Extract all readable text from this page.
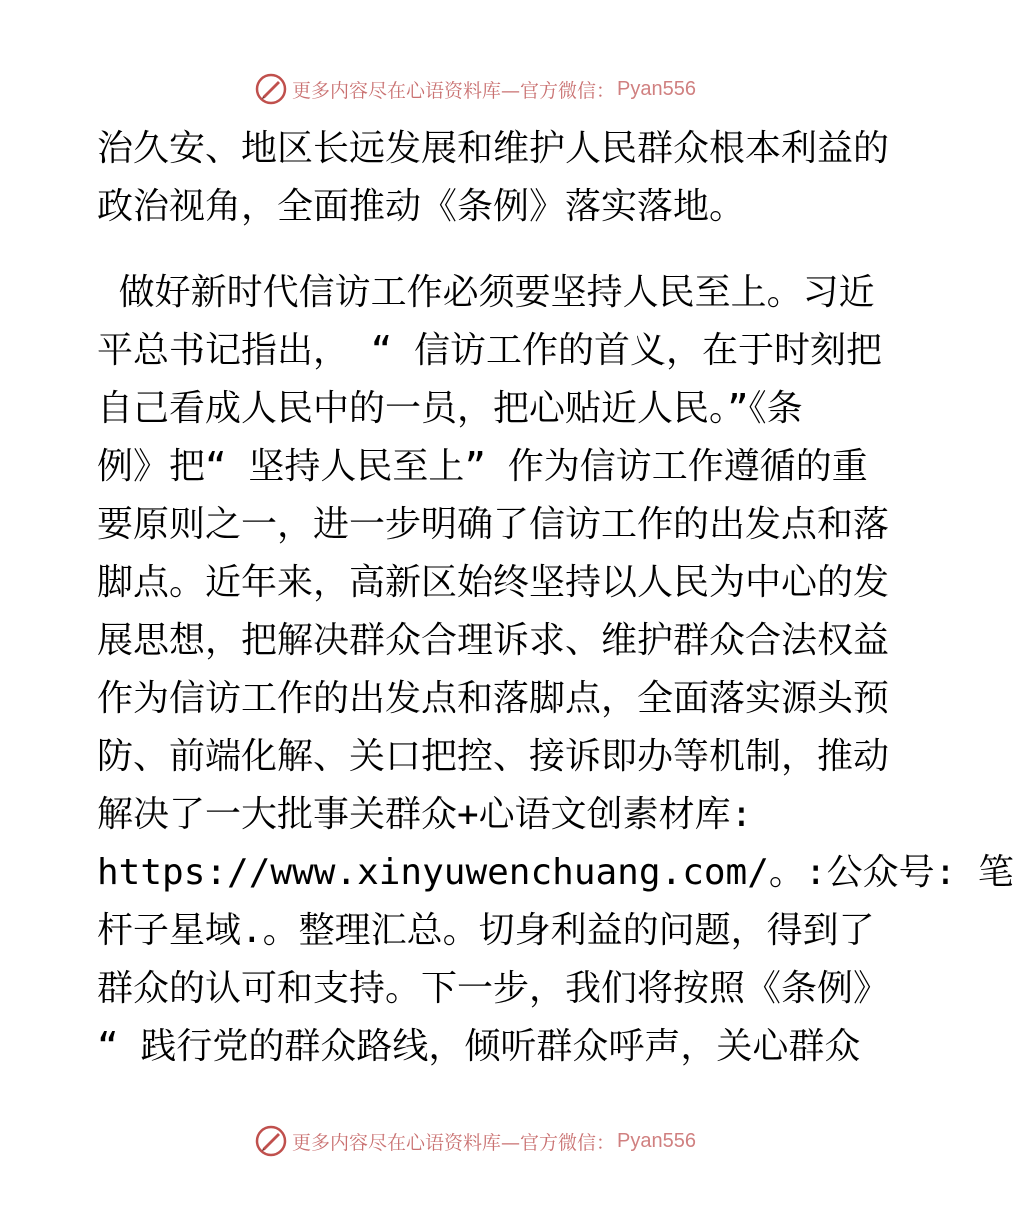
更多内容尽在心语资料库—官方微信： Pyan556
治久安、地区长远发展和维护人民群众根本利益的
政治视角，全面推动《条例》落实落地。
做好新时代信访工作必须要坚持人民至上。习近
平总书记指出， “ 信访工作的首义，在于时刻把
自己看成人民中的一员，把心贴近人民。”《条
例》把“ 坚持人民至上” 作为信访工作遵循的重
要原则之一，进一步明确了信访工作的出发点和落
脚点。近年来，高新区始终坚持以人民为中心的发
展思想，把解决群众合理诉求、维护群众合法权益
作为信访工作的出发点和落脚点，全面落实源头预
防、前端化解、关口把控、接诉即办等机制，推动
解决了一大批事关群众+心语文创素材库:
https://www.xinyuwenchuang.com/。:公众号: 笔
杆子星域.。整理汇总。切身利益的问题，得到了
群众的认可和支持。下一步，我们将按照《条例》
“ 践行党的群众路线，倾听群众呼声，关心群众
更多内容尽在心语资料库—官方微信： Pyan556
